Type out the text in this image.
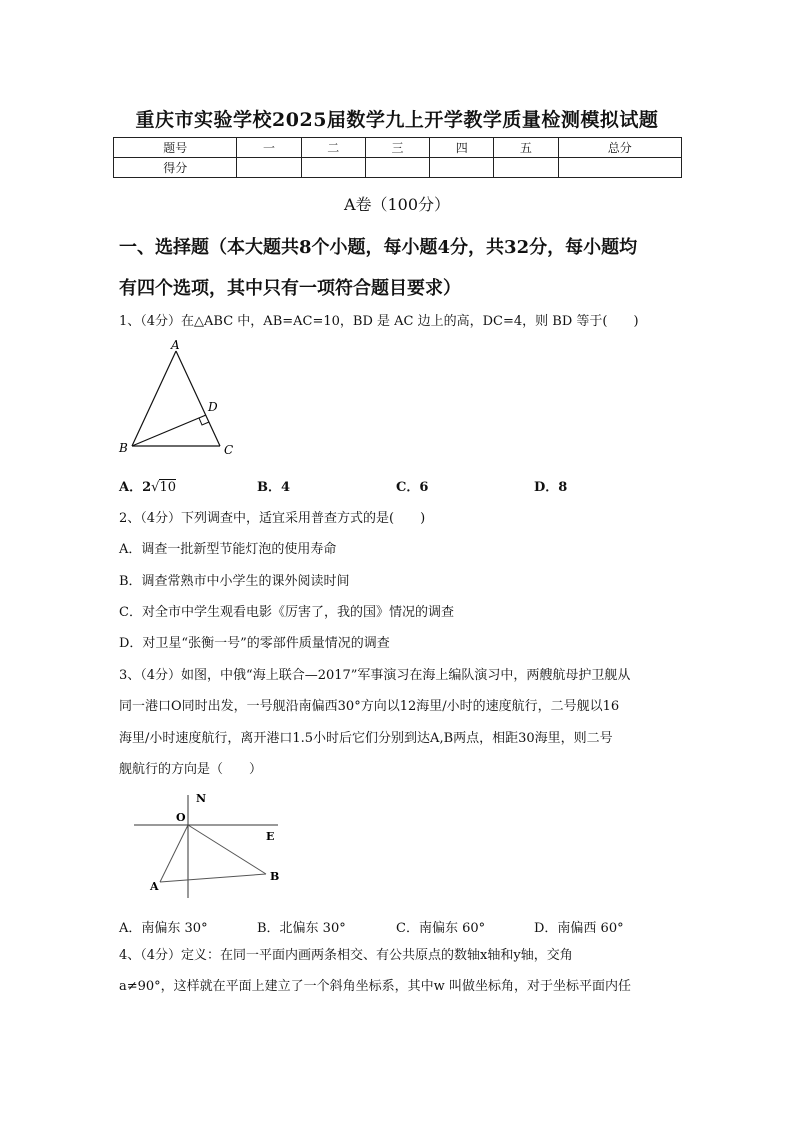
重庆市实验学校2025届数学九上开学教学质量检测模拟试题
题号	一	二	三	四	五	总分
得分						
A卷（100分）
一、选择题（本大题共8个小题，每小题4分，共32分，每小题均
有四个选项，其中只有一项符合题目要求）
1、（4分）在△ABC 中，AB=AC=10，BD 是 AC 边上的高，DC=4，则 BD 等于(　　)
A
B	C
D
A．2√10	B．4	C．6	D．8
2、（4分）下列调查中，适宜采用普查方式的是(　　)
A．调查一批新型节能灯泡的使用寿命
B．调查常熟市中小学生的课外阅读时间
C．对全市中学生观看电影《厉害了，我的国》情况的调查
D．对卫星“张衡一号”的零部件质量情况的调查
3、（4分）如图，中俄“海上联合—2017”军事演习在海上编队演习中，两艘航母护卫舰从
同一港口O同时出发，一号舰沿南偏西30°方向以12海里/小时的速度航行，二号舰以16
海里/小时速度航行，离开港口1.5小时后它们分别到达A,B两点，相距30海里，则二号
舰航行的方向是（　　）
N
O
E
A
B
A．南偏东 30°	B．北偏东 30°	C．南偏东 60°	D．南偏西 60°
4、（4分）定义：在同一平面内画两条相交、有公共原点的数轴x轴和y轴，交角
a≠90°，这样就在平面上建立了一个斜角坐标系，其中w 叫做坐标角，对于坐标平面内任
